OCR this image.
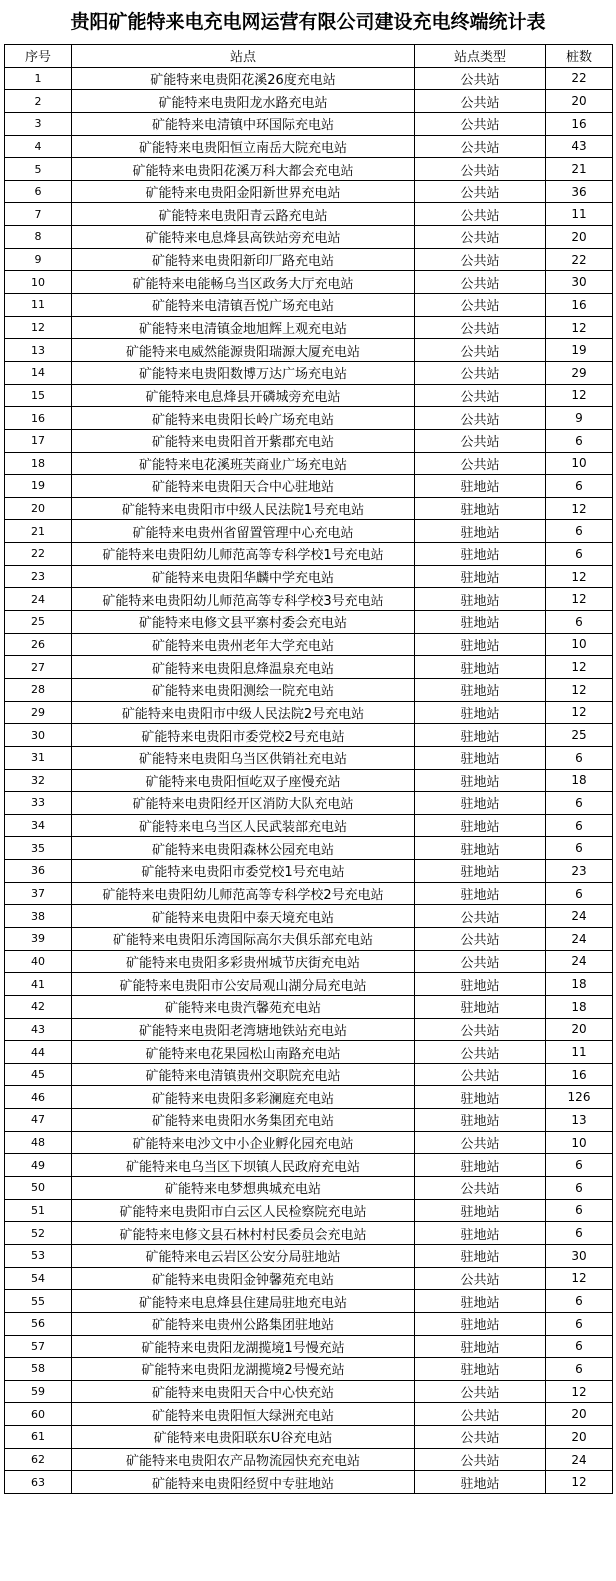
贵阳矿能特来电充电网运营有限公司建设充电终端统计表
序号	站点	站点类型	桩数
1	矿能特来电贵阳花溪26度充电站	公共站	22
2	矿能特来电贵阳龙水路充电站	公共站	20
3	矿能特来电清镇中环国际充电站	公共站	16
4	矿能特来电贵阳恒立南岳大院充电站	公共站	43
5	矿能特来电贵阳花溪万科大都会充电站	公共站	21
6	矿能特来电贵阳金阳新世界充电站	公共站	36
7	矿能特来电贵阳青云路充电站	公共站	11
8	矿能特来电息烽县高铁站旁充电站	公共站	20
9	矿能特来电贵阳新印厂路充电站	公共站	22
10	矿能特来电能畅乌当区政务大厅充电站	公共站	30
11	矿能特来电清镇吾悦广场充电站	公共站	16
12	矿能特来电清镇金地旭辉上观充电站	公共站	12
13	矿能特来电威然能源贵阳瑞源大厦充电站	公共站	19
14	矿能特来电贵阳数博万达广场充电站	公共站	29
15	矿能特来电息烽县开磷城旁充电站	公共站	12
16	矿能特来电贵阳长岭广场充电站	公共站	9
17	矿能特来电贵阳首开紫郡充电站	公共站	6
18	矿能特来电花溪班芙商业广场充电站	公共站	10
19	矿能特来电贵阳天合中心驻地站	驻地站	6
20	矿能特来电贵阳市中级人民法院1号充电站	驻地站	12
21	矿能特来电贵州省留置管理中心充电站	驻地站	6
22	矿能特来电贵阳幼儿师范高等专科学校1号充电站	驻地站	6
23	矿能特来电贵阳华麟中学充电站	驻地站	12
24	矿能特来电贵阳幼儿师范高等专科学校3号充电站	驻地站	12
25	矿能特来电修文县平寨村委会充电站	驻地站	6
26	矿能特来电贵州老年大学充电站	驻地站	10
27	矿能特来电贵阳息烽温泉充电站	驻地站	12
28	矿能特来电贵阳测绘一院充电站	驻地站	12
29	矿能特来电贵阳市中级人民法院2号充电站	驻地站	12
30	矿能特来电贵阳市委党校2号充电站	驻地站	25
31	矿能特来电贵阳乌当区供销社充电站	驻地站	6
32	矿能特来电贵阳恒屹双子座慢充站	驻地站	18
33	矿能特来电贵阳经开区消防大队充电站	驻地站	6
34	矿能特来电乌当区人民武装部充电站	驻地站	6
35	矿能特来电贵阳森林公园充电站	驻地站	6
36	矿能特来电贵阳市委党校1号充电站	驻地站	23
37	矿能特来电贵阳幼儿师范高等专科学校2号充电站	驻地站	6
38	矿能特来电贵阳中泰天境充电站	公共站	24
39	矿能特来电贵阳乐湾国际高尔夫俱乐部充电站	公共站	24
40	矿能特来电贵阳多彩贵州城节庆街充电站	公共站	24
41	矿能特来电贵阳市公安局观山湖分局充电站	驻地站	18
42	矿能特来电贵汽馨苑充电站	驻地站	18
43	矿能特来电贵阳老湾塘地铁站充电站	公共站	20
44	矿能特来电花果园松山南路充电站	公共站	11
45	矿能特来电清镇贵州交职院充电站	公共站	16
46	矿能特来电贵阳多彩澜庭充电站	驻地站	126
47	矿能特来电贵阳水务集团充电站	驻地站	13
48	矿能特来电沙文中小企业孵化园充电站	公共站	10
49	矿能特来电乌当区下坝镇人民政府充电站	驻地站	6
50	矿能特来电梦想典城充电站	公共站	6
51	矿能特来电贵阳市白云区人民检察院充电站	驻地站	6
52	矿能特来电修文县石林村村民委员会充电站	驻地站	6
53	矿能特来电云岩区公安分局驻地站	驻地站	30
54	矿能特来电贵阳金钟馨苑充电站	公共站	12
55	矿能特来电息烽县住建局驻地充电站	驻地站	6
56	矿能特来电贵州公路集团驻地站	驻地站	6
57	矿能特来电贵阳龙湖揽境1号慢充站	驻地站	6
58	矿能特来电贵阳龙湖揽境2号慢充站	驻地站	6
59	矿能特来电贵阳天合中心快充站	公共站	12
60	矿能特来电贵阳恒大绿洲充电站	公共站	20
61	矿能特来电贵阳联东U谷充电站	公共站	20
62	矿能特来电贵阳农产品物流园快充充电站	公共站	24
63	矿能特来电贵阳经贸中专驻地站	驻地站	12
